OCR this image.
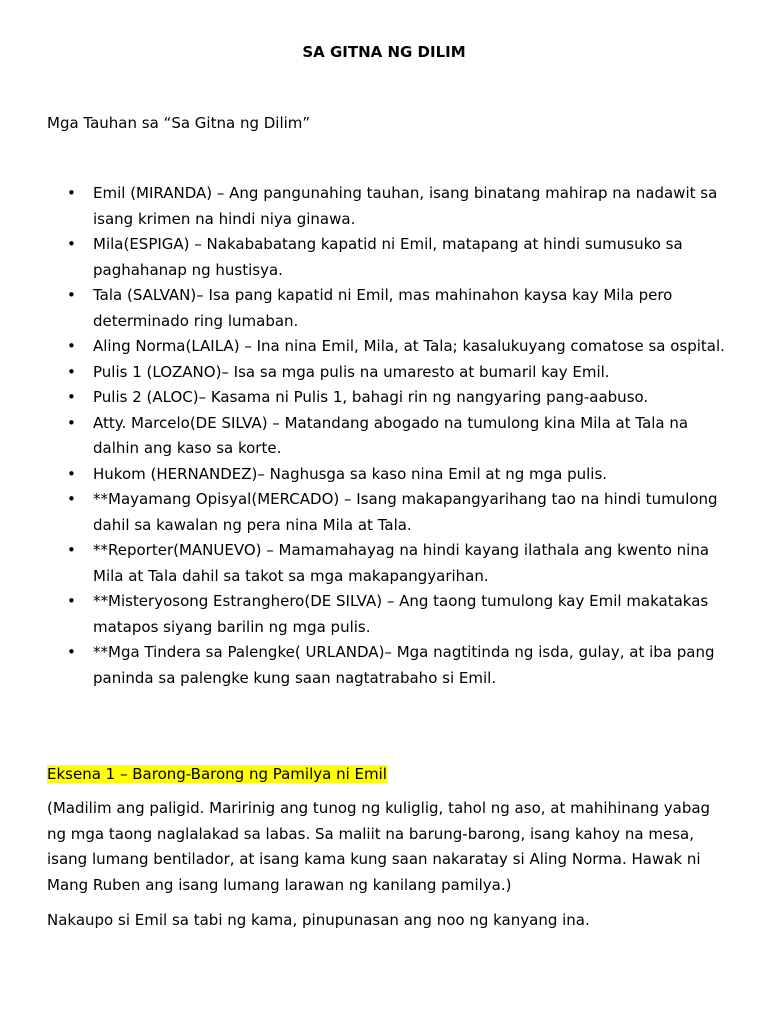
SA GITNA NG DILIM
Mga Tauhan sa “Sa Gitna ng Dilim”
• Emil (MIRANDA) – Ang pangunahing tauhan, isang binatang mahirap na nadawit sa isang krimen na hindi niya ginawa.
• Mila(ESPIGA) – Nakababatang kapatid ni Emil, matapang at hindi sumusuko sa paghahanap ng hustisya.
• Tala (SALVAN)– Isa pang kapatid ni Emil, mas mahinahon kaysa kay Mila pero determinado ring lumaban.
• Aling Norma(LAILA) – Ina nina Emil, Mila, at Tala; kasalukuyang comatose sa ospital.
• Pulis 1 (LOZANO)– Isa sa mga pulis na umaresto at bumaril kay Emil.
• Pulis 2 (ALOC)– Kasama ni Pulis 1, bahagi rin ng nangyaring pang-aabuso.
• Atty. Marcelo(DE SILVA) – Matandang abogado na tumulong kina Mila at Tala na dalhin ang kaso sa korte.
• Hukom (HERNANDEZ)– Naghusga sa kaso nina Emil at ng mga pulis.
• **Mayamang Opisyal(MERCADO) – Isang makapangyarihang tao na hindi tumulong dahil sa kawalan ng pera nina Mila at Tala.
• **Reporter(MANUEVO) – Mamamahayag na hindi kayang ilathala ang kwento nina Mila at Tala dahil sa takot sa mga makapangyarihan.
• **Misteryosong Estranghero(DE SILVA) – Ang taong tumulong kay Emil makatakas matapos siyang barilin ng mga pulis.
• **Mga Tindera sa Palengke( URLANDA)– Mga nagtitinda ng isda, gulay, at iba pang paninda sa palengke kung saan nagtatrabaho si Emil.
Eksena 1 – Barong-Barong ng Pamilya ni Emil

(Madilim ang paligid. Maririnig ang tunog ng kuliglig, tahol ng aso, at mahihinang yabag ng mga taong naglalakad sa labas. Sa maliit na barung-barong, isang kahoy na mesa, isang lumang bentilador, at isang kama kung saan nakaratay si Aling Norma. Hawak ni Mang Ruben ang isang lumang larawan ng kanilang pamilya.)

Nakaupo si Emil sa tabi ng kama, pinupunasan ang noo ng kanyang ina.
